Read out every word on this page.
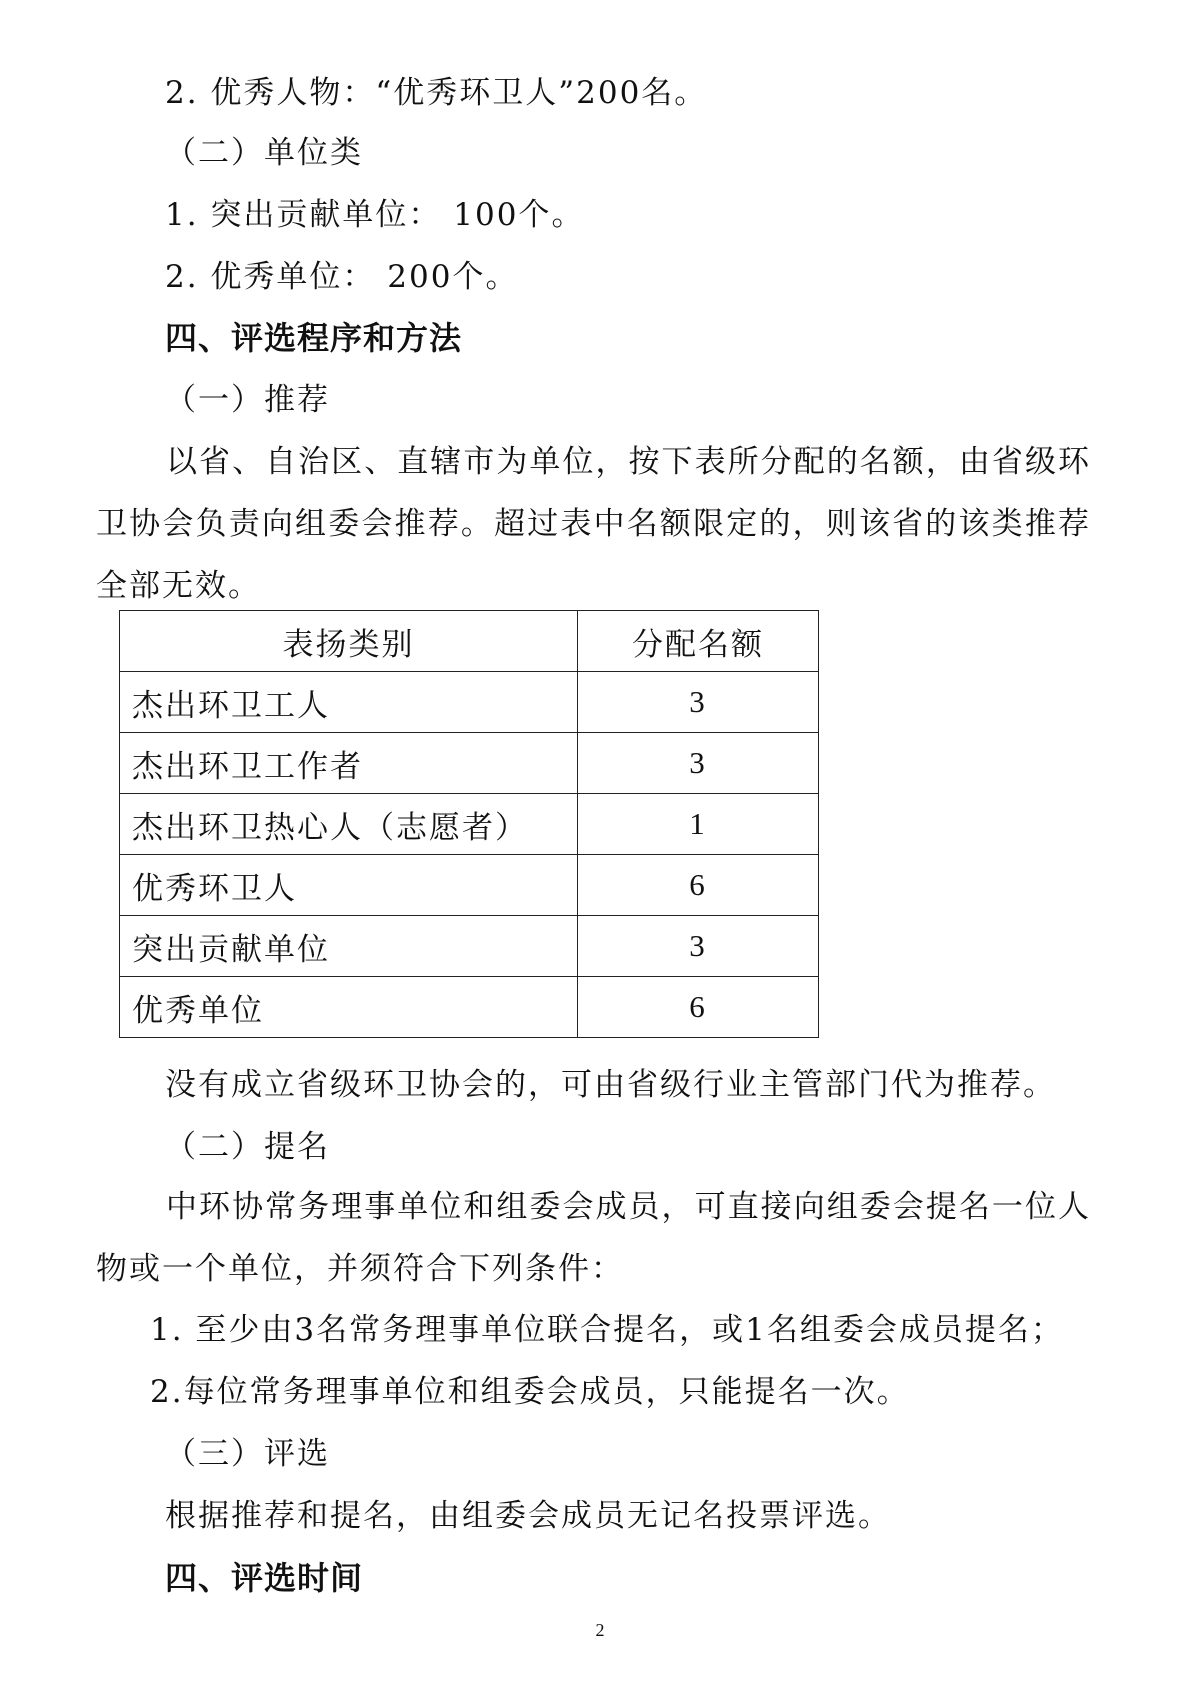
2. 优秀人物：“优秀环卫人”200名。
（二）单位类
1. 突出贡献单位： 100个。
2. 优秀单位： 200个。
四、评选程序和方法
（一）推荐
以省、自治区、直辖市为单位，按下表所分配的名额，由省级环卫协会负责向组委会推荐。超过表中名额限定的，则该省的该类推荐全部无效。
表扬类别	分配名额
杰出环卫工人	3
杰出环卫工作者	3
杰出环卫热心人（志愿者）	1
优秀环卫人	6
突出贡献单位	3
优秀单位	6
没有成立省级环卫协会的，可由省级行业主管部门代为推荐。
（二）提名
中环协常务理事单位和组委会成员，可直接向组委会提名一位人物或一个单位，并须符合下列条件：
1. 至少由3名常务理事单位联合提名，或1名组委会成员提名；
2.每位常务理事单位和组委会成员，只能提名一次。
（三）评选
根据推荐和提名，由组委会成员无记名投票评选。
四、评选时间
2
